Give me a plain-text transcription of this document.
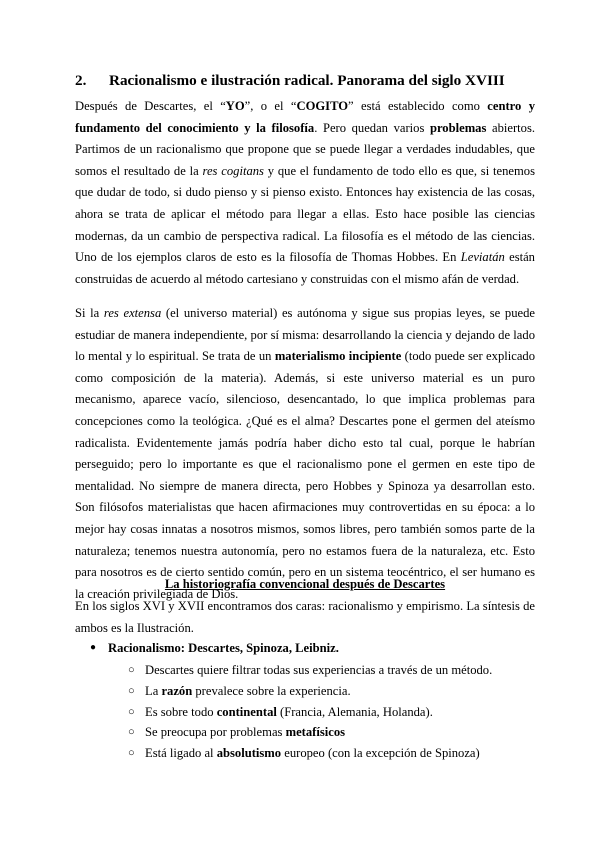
2. Racionalismo e ilustración radical. Panorama del siglo XVIII

Después de Descartes, el “YO”, o el “COGITO” está establecido como centro y fundamento del conocimiento y la filosofía. Pero quedan varios problemas abiertos. Partimos de un racionalismo que propone que se puede llegar a verdades indudables, que somos el resultado de la res cogitans y que el fundamento de todo ello es que, si tenemos que dudar de todo, si dudo pienso y si pienso existo. Entonces hay existencia de las cosas, ahora se trata de aplicar el método para llegar a ellas. Esto hace posible las ciencias modernas, da un cambio de perspectiva radical. La filosofía es el método de las ciencias. Uno de los ejemplos claros de esto es la filosofía de Thomas Hobbes. En Leviatán están construidas de acuerdo al método cartesiano y construidas con el mismo afán de verdad.

Si la res extensa (el universo material) es autónoma y sigue sus propias leyes, se puede estudiar de manera independiente, por sí misma: desarrollando la ciencia y dejando de lado lo mental y lo espiritual. Se trata de un materialismo incipiente (todo puede ser explicado como composición de la materia). Además, si este universo material es un puro mecanismo, aparece vacío, silencioso, desencantado, lo que implica problemas para concepciones como la teológica. ¿Qué es el alma? Descartes pone el germen del ateísmo radicalista. Evidentemente jamás podría haber dicho esto tal cual, porque le habrían perseguido; pero lo importante es que el racionalismo pone el germen en este tipo de mentalidad. No siempre de manera directa, pero Hobbes y Spinoza ya desarrollan esto. Son filósofos materialistas que hacen afirmaciones muy controvertidas en su época: a lo mejor hay cosas innatas a nosotros mismos, somos libres, pero también somos parte de la naturaleza; tenemos nuestra autonomía, pero no estamos fuera de la naturaleza, etc. Esto para nosotros es de cierto sentido común, pero en un sistema teocéntrico, el ser humano es la creación privilegiada de Dios.

La historiografía convencional después de Descartes

En los siglos XVI y XVII encontramos dos caras: racionalismo y empirismo. La síntesis de ambos es la Ilustración.

● Racionalismo: Descartes, Spinoza, Leibniz.
○ Descartes quiere filtrar todas sus experiencias a través de un método.
○ La razón prevalece sobre la experiencia.
○ Es sobre todo continental (Francia, Alemania, Holanda).
○ Se preocupa por problemas metafísicos
○ Está ligado al absolutismo europeo (con la excepción de Spinoza)
